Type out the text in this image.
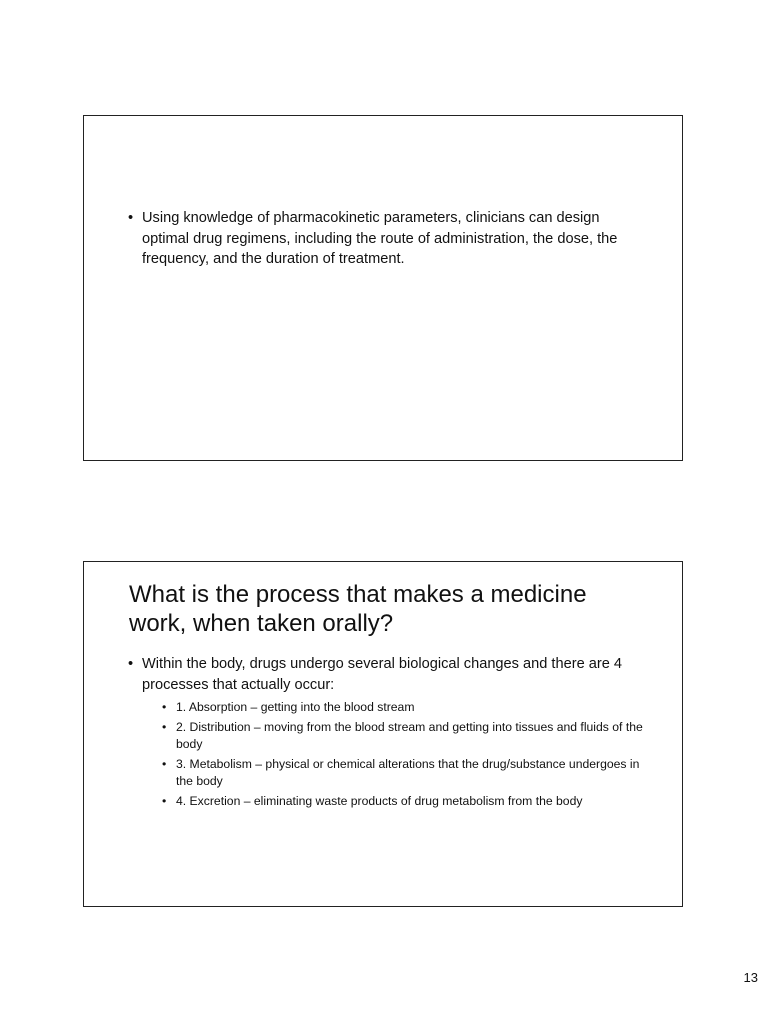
• Using knowledge of pharmacokinetic parameters, clinicians can design optimal drug regimens, including the route of administration, the dose, the frequency, and the duration of treatment.
What is the process that makes a medicine work, when taken orally?
• Within the body, drugs undergo several biological changes and there are 4 processes that actually occur:
• 1. Absorption – getting into the blood stream
• 2. Distribution – moving from the blood stream and getting into tissues and fluids of the body
• 3. Metabolism – physical or chemical alterations that the drug/substance undergoes in the body
• 4. Excretion – eliminating waste products of drug metabolism from the body
13
